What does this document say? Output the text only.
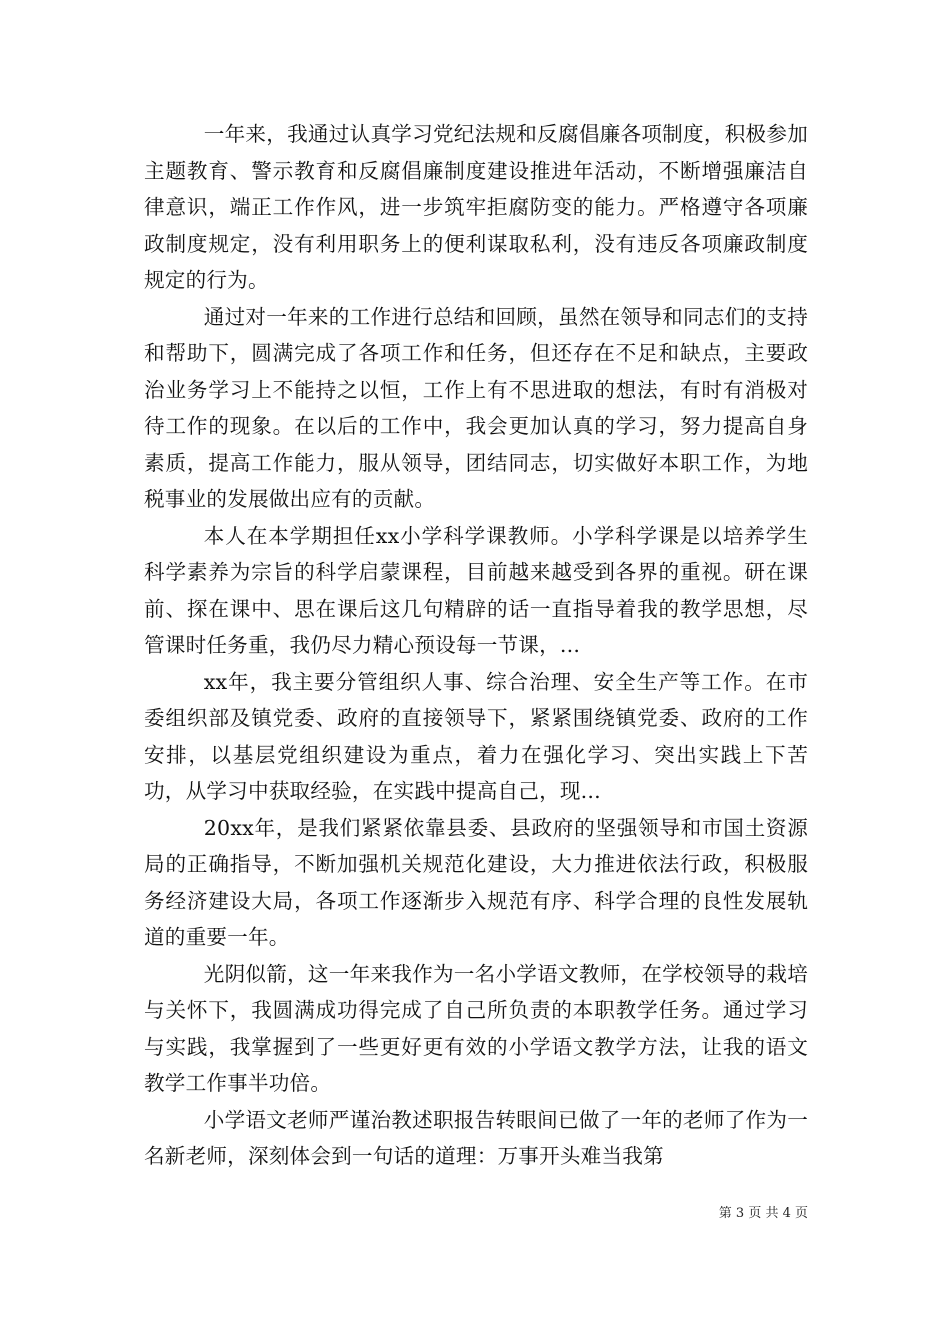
一年来，我通过认真学习党纪法规和反腐倡廉各项制度，积极参加主题教育、警示教育和反腐倡廉制度建设推进年活动，不断增强廉洁自律意识，端正工作作风，进一步筑牢拒腐防变的能力。严格遵守各项廉政制度规定，没有利用职务上的便利谋取私利，没有违反各项廉政制度规定的行为。

通过对一年来的工作进行总结和回顾，虽然在领导和同志们的支持和帮助下，圆满完成了各项工作和任务，但还存在不足和缺点，主要政治业务学习上不能持之以恒，工作上有不思进取的想法，有时有消极对待工作的现象。在以后的工作中，我会更加认真的学习，努力提高自身素质，提高工作能力，服从领导，团结同志，切实做好本职工作，为地税事业的发展做出应有的贡献。

本人在本学期担任xx小学科学课教师。小学科学课是以培养学生科学素养为宗旨的科学启蒙课程，目前越来越受到各界的重视。研在课前、探在课中、思在课后这几句精辟的话一直指导着我的教学思想，尽管课时任务重，我仍尽力精心预设每一节课，...

xx年，我主要分管组织人事、综合治理、安全生产等工作。在市委组织部及镇党委、政府的直接领导下，紧紧围绕镇党委、政府的工作安排，以基层党组织建设为重点，着力在强化学习、突出实践上下苦功，从学习中获取经验，在实践中提高自己，现...

20xx年，是我们紧紧依靠县委、县政府的坚强领导和市国土资源局的正确指导，不断加强机关规范化建设，大力推进依法行政，积极服务经济建设大局，各项工作逐渐步入规范有序、科学合理的良性发展轨道的重要一年。

光阴似箭，这一年来我作为一名小学语文教师，在学校领导的栽培与关怀下，我圆满成功得完成了自己所负责的本职教学任务。通过学习与实践，我掌握到了一些更好更有效的小学语文教学方法，让我的语文教学工作事半功倍。

小学语文老师严谨治教述职报告转眼间已做了一年的老师了作为一名新老师，深刻体会到一句话的道理：万事开头难当我第

第 3 页 共 4 页
